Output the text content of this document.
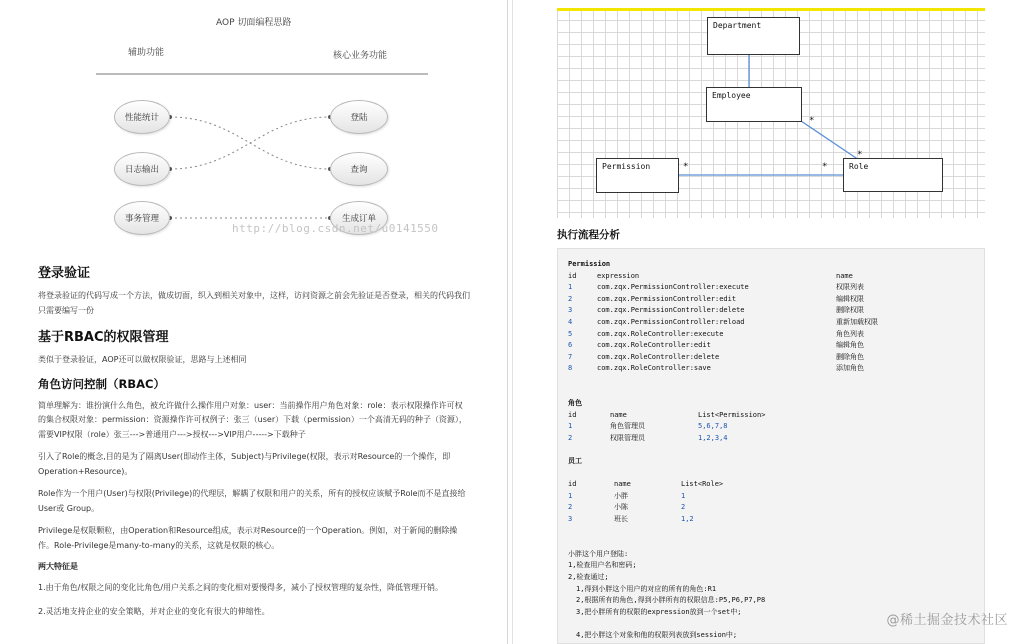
AOP 切面编程思路
辅助功能	核心业务功能
性能统计
日志输出
事务管理
登陆
查询
生成订单
http://blog.csdn.net/u0141550
登录验证
将登录验证的代码写成一个方法，做成切面，织入到相关对象中，这样，访问资源之前会先验证是否登录，相关的代码我们只需要编写一份
基于RBAC的权限管理
类似于登录验证，AOP还可以做权限验证，思路与上述相同
角色访问控制（RBAC）
简单理解为：谁扮演什么角色，被允许做什么操作用户对象：user：当前操作用户角色对象：role：表示权限操作许可权的集合权限对象：permission：资源操作许可权例子：张三（user）下载（permission）一个高清无码的种子（资源），需要VIP权限（role）张三--->普通用户--->授权--->VIP用户----->下载种子
引入了Role的概念,目的是为了隔离User(即动作主体，Subject)与Privilege(权限，表示对Resource的一个操作，即Operation+Resource)。
Role作为一个用户(User)与权限(Privilege)的代理层，解耦了权限和用户的关系，所有的授权应该赋予Role而不是直接给User或 Group。
Privilege是权限颗粒，由Operation和Resource组成，表示对Resource的一个Operation。例如，对于新闻的删除操作。Role-Privilege是many-to-many的关系，这就是权限的核心。
两大特征是
1.由于角色/权限之间的变化比角色/用户关系之间的变化相对要慢得多，减小了授权管理的复杂性，降低管理开销。
2.灵活地支持企业的安全策略，并对企业的变化有很大的伸缩性。
Department
Employee
Permission	Role
*
*
*	*
执行流程分析
Permission
id	expression	name
1	com.zqx.PermissionController:execute	权限列表
2	com.zqx.PermissionController:edit	编辑权限
3	com.zqx.PermissionController:delete	删除权限
4	com.zqx.PermissionController:reload	重新加载权限
5	com.zqx.RoleController:execute	角色列表
6	com.zqx.RoleController:edit	编辑角色
7	com.zqx.RoleController:delete	删除角色
8	com.zqx.RoleController:save	添加角色
角色
id	name	List<Permission>
1	角色管理员	5,6,7,8
2	权限管理员	1,2,3,4
员工
id	name	List<Role>
1	小胖	1
2	小陈	2
3	班长	1,2
小胖这个用户登陆:
1,检查用户名和密码;
2,检查通过;
1,得到小胖这个用户的对应的所有的角色:R1
2,根据所有的角色,得到小胖所有的权限信息:P5,P6,P7,P8
3,把小胖所有的权限的expression放到一个set中;
4,把小胖这个对象和他的权限列表放到session中;
@稀土掘金技术社区
